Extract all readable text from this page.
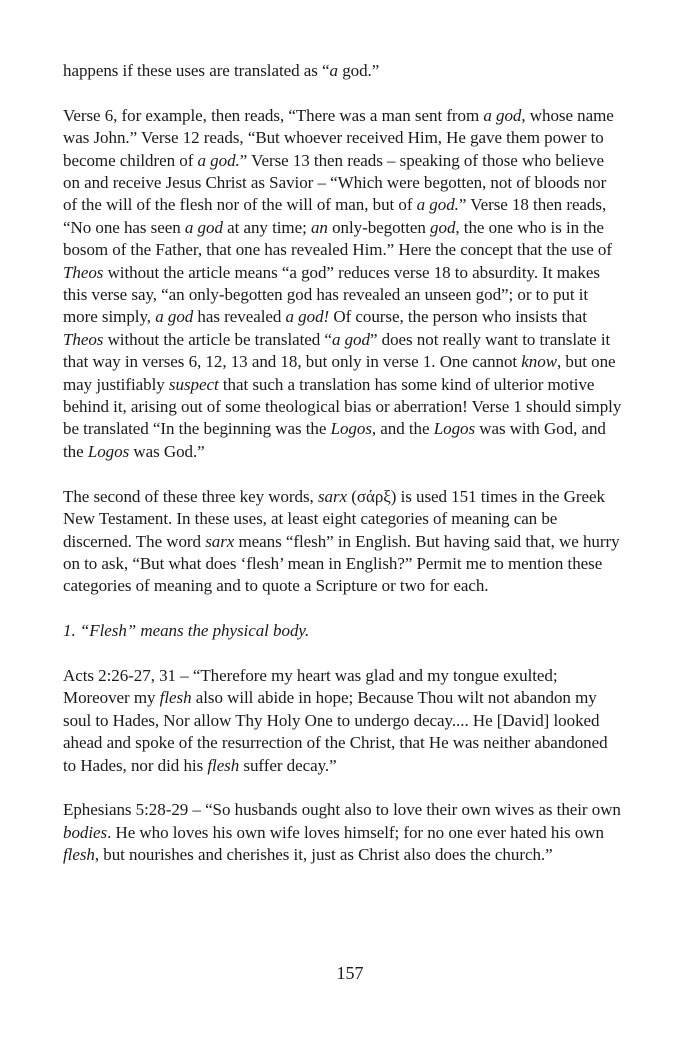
happens if these uses are translated as “a god.”

Verse 6, for example, then reads, “There was a man sent from a god, whose name was John.” Verse 12 reads, “But whoever received Him, He gave them power to become children of a god.” Verse 13 then reads – speaking of those who believe on and receive Jesus Christ as Savior – “Which were begotten, not of bloods nor of the will of the flesh nor of the will of man, but of a god.” Verse 18 then reads, “No one has seen a god at any time; an only-begotten god, the one who is in the bosom of the Father, that one has revealed Him.” Here the concept that the use of Theos without the article means “a god” reduces verse 18 to absurdity. It makes this verse say, “an only-begotten god has revealed an unseen god”; or to put it more simply, a god has revealed a god! Of course, the person who insists that Theos without the article be translated “a god” does not really want to translate it that way in verses 6, 12, 13 and 18, but only in verse 1. One cannot know, but one may justifiably suspect that such a translation has some kind of ulterior motive behind it, arising out of some theological bias or aberration! Verse 1 should simply be translated “In the beginning was the Logos, and the Logos was with God, and the Logos was God.”

The second of these three key words, sarx (σάρξ) is used 151 times in the Greek New Testament. In these uses, at least eight categories of meaning can be discerned. The word sarx means “flesh” in English. But having said that, we hurry on to ask, “But what does ‘flesh’ mean in English?” Permit me to mention these categories of meaning and to quote a Scripture or two for each.

1. “Flesh” means the physical body.

Acts 2:26-27, 31 – “Therefore my heart was glad and my tongue exulted; Moreover my flesh also will abide in hope; Because Thou wilt not abandon my soul to Hades, Nor allow Thy Holy One to undergo decay.... He [David] looked ahead and spoke of the resurrection of the Christ, that He was neither abandoned to Hades, nor did his flesh suffer decay.”

Ephesians 5:28-29 – “So husbands ought also to love their own wives as their own bodies. He who loves his own wife loves himself; for no one ever hated his own flesh, but nourishes and cherishes it, just as Christ also does the church.”

157
